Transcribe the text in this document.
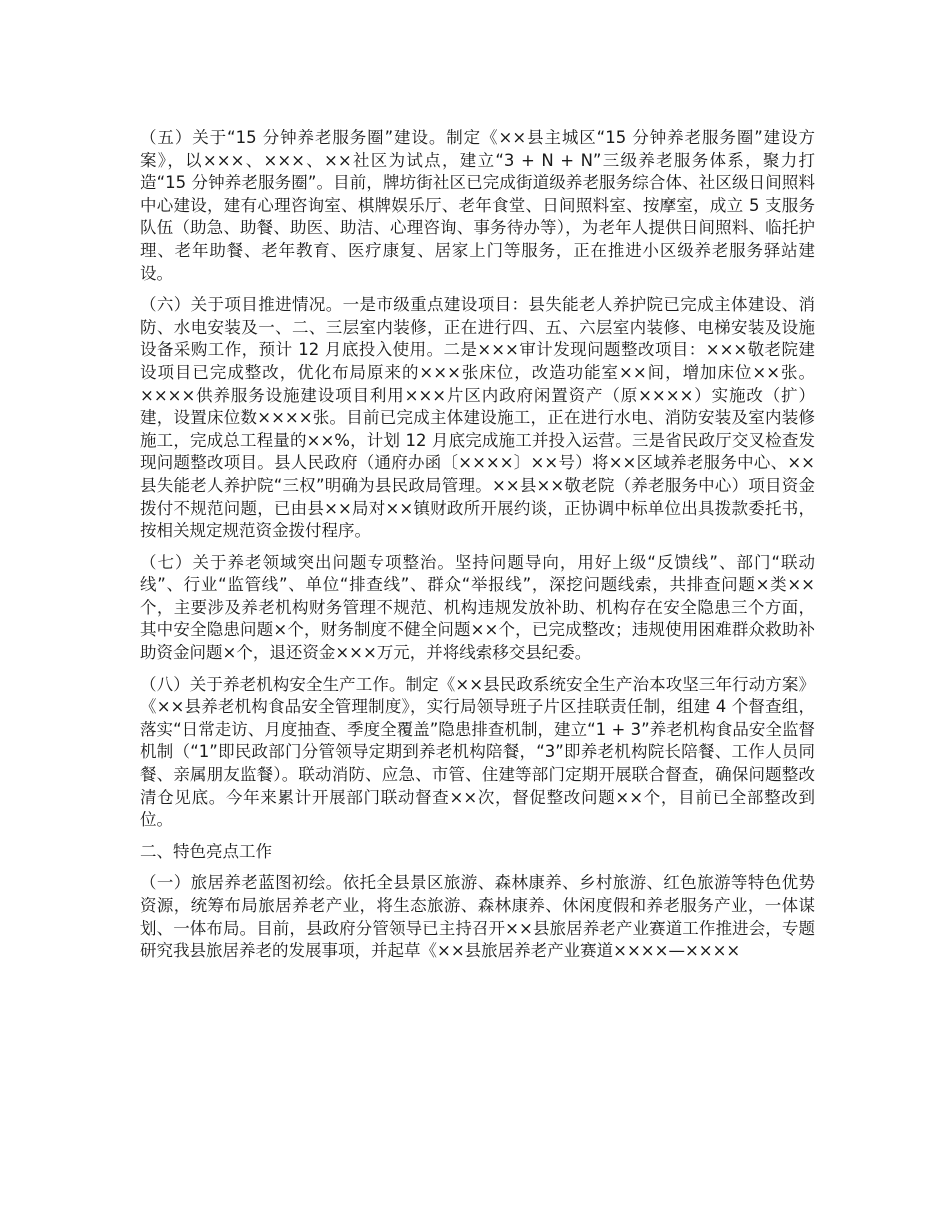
（五）关于“15 分钟养老服务圈”建设。制定《××县主城区“15 分钟养老服务圈”建设方案》，以×××、×××、××社区为试点，建立“3 + N + N”三级养老服务体系，聚力打造“15 分钟养老服务圈”。目前，牌坊街社区已完成街道级养老服务综合体、社区级日间照料中心建设，建有心理咨询室、棋牌娱乐厅、老年食堂、日间照料室、按摩室，成立 5 支服务队伍（助急、助餐、助医、助洁、心理咨询、事务待办等），为老年人提供日间照料、临托护理、老年助餐、老年教育、医疗康复、居家上门等服务，正在推进小区级养老服务驿站建设。

（六）关于项目推进情况。一是市级重点建设项目：县失能老人养护院已完成主体建设、消防、水电安装及一、二、三层室内装修，正在进行四、五、六层室内装修、电梯安装及设施设备采购工作，预计 12 月底投入使用。二是×××审计发现问题整改项目：×××敬老院建设项目已完成整改，优化布局原来的×××张床位，改造功能室××间，增加床位××张。××××供养服务设施建设项目利用×××片区内政府闲置资产（原××××）实施改（扩）建，设置床位数××××张。目前已完成主体建设施工，正在进行水电、消防安装及室内装修施工，完成总工程量的××%，计划 12 月底完成施工并投入运营。三是省民政厅交叉检查发现问题整改项目。县人民政府（通府办函〔××××〕××号）将××区域养老服务中心、××县失能老人养护院“三权”明确为县民政局管理。××县××敬老院（养老服务中心）项目资金拨付不规范问题，已由县××局对××镇财政所开展约谈，正协调中标单位出具拨款委托书，按相关规定规范资金拨付程序。

（七）关于养老领域突出问题专项整治。坚持问题导向，用好上级“反馈线”、部门“联动线”、行业“监管线”、单位“排查线”、群众“举报线”，深挖问题线索，共排查问题×类××个，主要涉及养老机构财务管理不规范、机构违规发放补助、机构存在安全隐患三个方面，其中安全隐患问题×个，财务制度不健全问题××个，已完成整改；违规使用困难群众救助补助资金问题×个，退还资金×××万元，并将线索移交县纪委。

（八）关于养老机构安全生产工作。制定《××县民政系统安全生产治本攻坚三年行动方案》《××县养老机构食品安全管理制度》，实行局领导班子片区挂联责任制，组建 4 个督查组，落实“日常走访、月度抽查、季度全覆盖”隐患排查机制，建立“1 + 3”养老机构食品安全监督机制（“1”即民政部门分管领导定期到养老机构陪餐，“3”即养老机构院长陪餐、工作人员同餐、亲属朋友监餐）。联动消防、应急、市管、住建等部门定期开展联合督查，确保问题整改清仓见底。今年来累计开展部门联动督查××次，督促整改问题××个，目前已全部整改到位。

二、特色亮点工作

（一）旅居养老蓝图初绘。依托全县景区旅游、森林康养、乡村旅游、红色旅游等特色优势资源，统筹布局旅居养老产业，将生态旅游、森林康养、休闲度假和养老服务产业，一体谋划、一体布局。目前，县政府分管领导已主持召开××县旅居养老产业赛道工作推进会，专题研究我县旅居养老的发展事项，并起草《××县旅居养老产业赛道××××—××××
